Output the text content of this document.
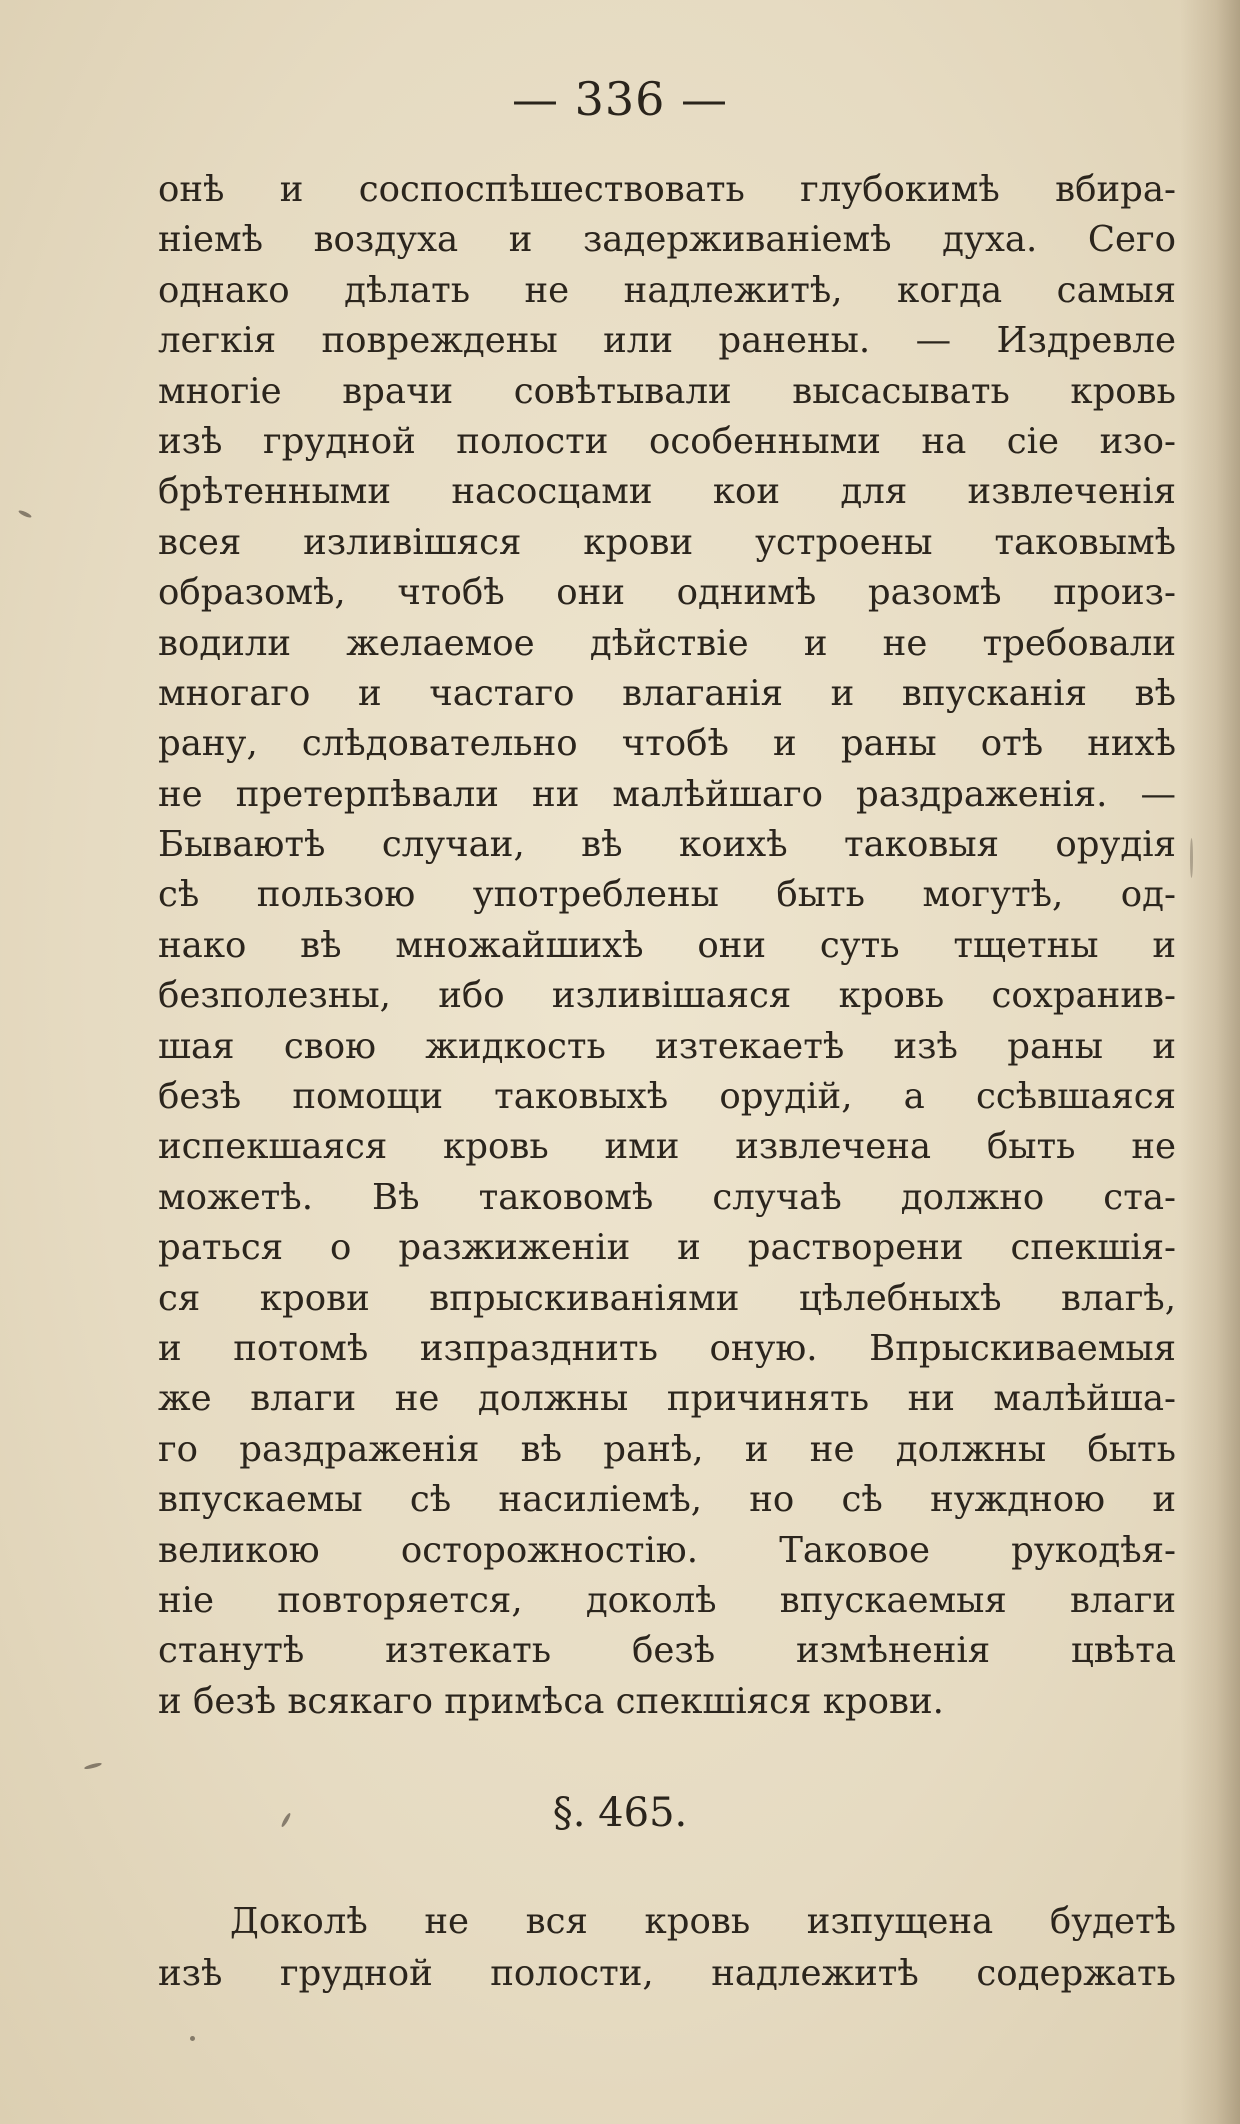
— 336 —
онѣ и соспоспѣшествовать глубокимѣ вбира-
ніемѣ воздуха и задерживаніемѣ духа. Сего
однако дѣлать не надлежитѣ, когда самыя
легкія повреждены или ранены. — Издревле
многіе врачи совѣтывали высасывать кровь
изѣ грудной полости особенными на сіе изо-
брѣтенными насосцами кои для извлеченія
всея изливішяся крови устроены таковымѣ
образомѣ, чтобѣ они однимѣ разомѣ произ-
водили желаемое дѣйствіе и не требовали
многаго и частаго влаганія и впусканія вѣ
рану, слѣдовательно чтобѣ и раны отѣ нихѣ
не претерпѣвали ни малѣйшаго раздраженія. —
Бываютѣ случаи, вѣ коихѣ таковыя орудія
сѣ пользою употреблены быть могутѣ, од-
нако вѣ множайшихѣ они суть тщетны и
безполезны, ибо изливішаяся кровь сохранив-
шая свою жидкость изтекаетѣ изѣ раны и
безѣ помощи таковыхѣ орудій, а ссѣвшаяся
испекшаяся кровь ими извлечена быть не
можетѣ. Вѣ таковомѣ случаѣ должно ста-
раться о разжиженіи и растворени спекшія-
ся крови впрыскиваніями цѣлебныхѣ влагѣ,
и потомѣ изпразднить оную. Впрыскиваемыя
же влаги не должны причинять ни малѣйша-
го раздраженія вѣ ранѣ, и не должны быть
впускаемы сѣ насиліемѣ, но сѣ нуждною и
великою осторожностію. Таковое рукодѣя-
ніе повторяется, доколѣ впускаемыя влаги
станутѣ изтекать безѣ измѣненія цвѣта
и безѣ всякаго примѣса спекшіяся крови.
§. 465.
Доколѣ не вся кровь изпущена будетѣ
изѣ грудной полости, надлежитѣ содержать
